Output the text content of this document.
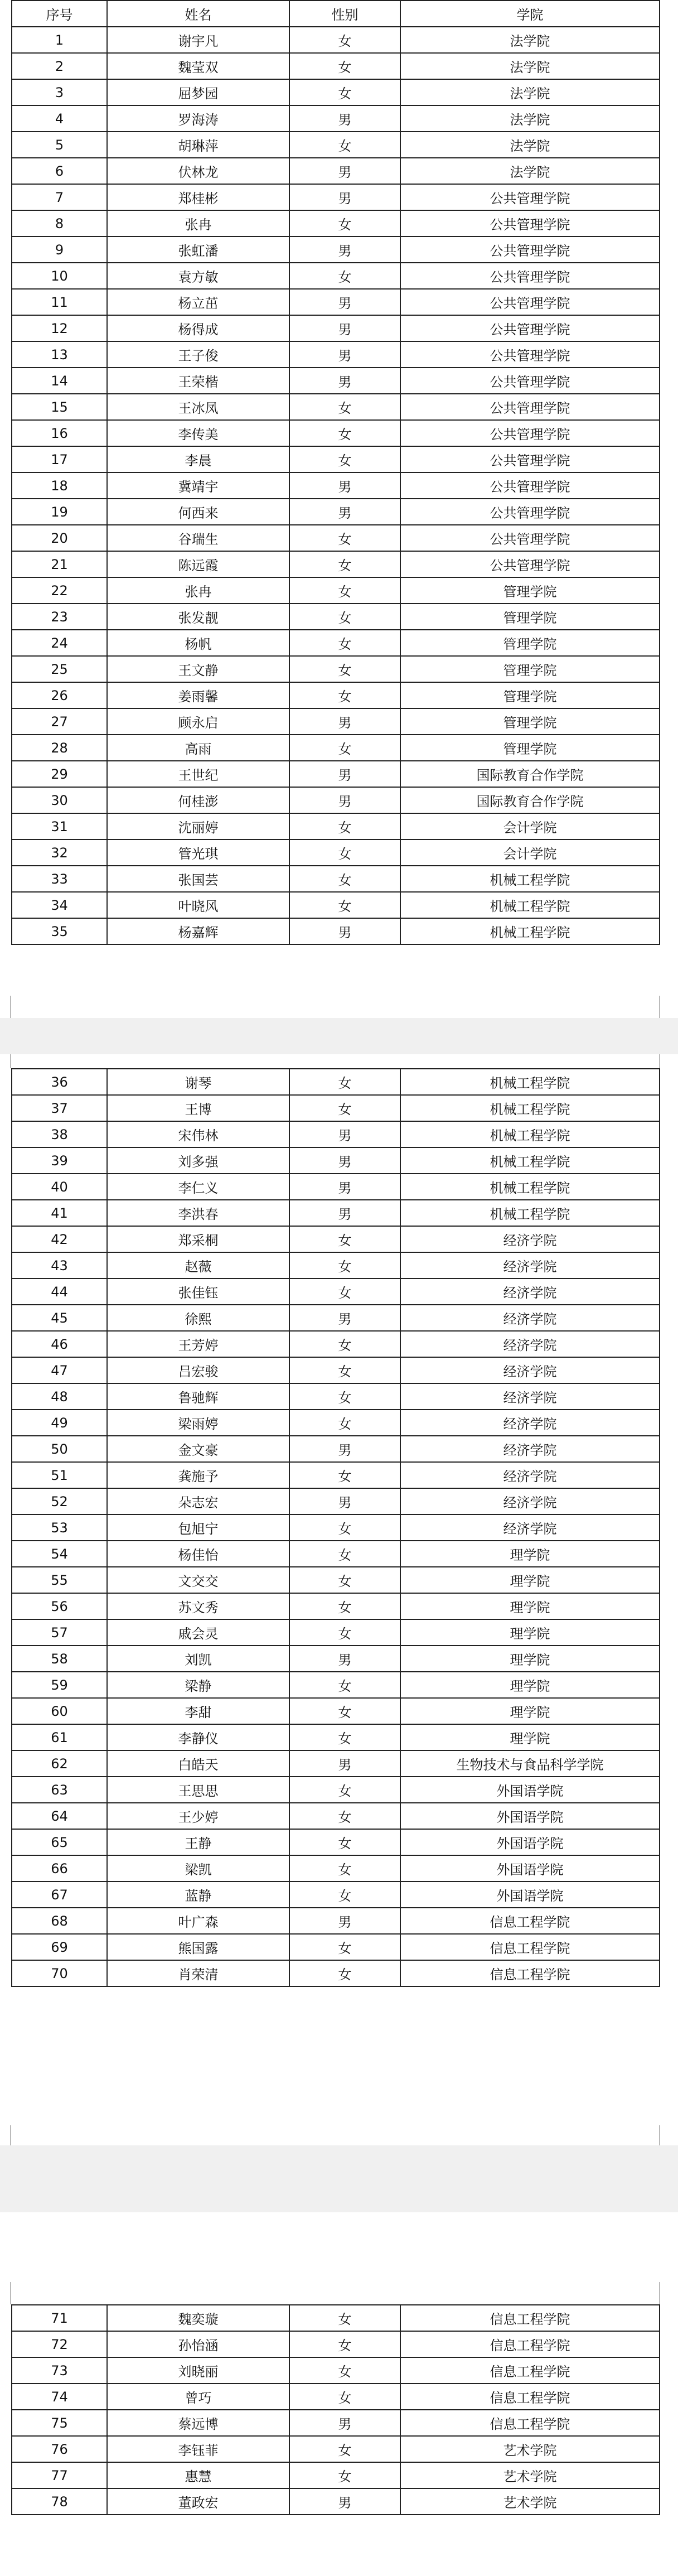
序号	姓名	性别	学院
1	谢宇凡	女	法学院
2	魏莹双	女	法学院
3	屈梦园	女	法学院
4	罗海涛	男	法学院
5	胡琳萍	女	法学院
6	伏林龙	男	法学院
7	郑桂彬	男	公共管理学院
8	张冉	女	公共管理学院
9	张虹潘	男	公共管理学院
10	袁方敏	女	公共管理学院
11	杨立茁	男	公共管理学院
12	杨得成	男	公共管理学院
13	王子俊	男	公共管理学院
14	王荣楷	男	公共管理学院
15	王冰凤	女	公共管理学院
16	李传美	女	公共管理学院
17	李晨	女	公共管理学院
18	冀靖宇	男	公共管理学院
19	何西来	男	公共管理学院
20	谷瑞生	女	公共管理学院
21	陈远霞	女	公共管理学院
22	张冉	女	管理学院
23	张发靓	女	管理学院
24	杨帆	女	管理学院
25	王文静	女	管理学院
26	姜雨馨	女	管理学院
27	顾永启	男	管理学院
28	高雨	女	管理学院
29	王世纪	男	国际教育合作学院
30	何桂澎	男	国际教育合作学院
31	沈丽婷	女	会计学院
32	管光琪	女	会计学院
33	张国芸	女	机械工程学院
34	叶晓风	女	机械工程学院
35	杨嘉辉	男	机械工程学院
36	谢琴	女	机械工程学院
37	王博	女	机械工程学院
38	宋伟林	男	机械工程学院
39	刘多强	男	机械工程学院
40	李仁义	男	机械工程学院
41	李洪春	男	机械工程学院
42	郑采桐	女	经济学院
43	赵薇	女	经济学院
44	张佳钰	女	经济学院
45	徐熙	男	经济学院
46	王芳婷	女	经济学院
47	吕宏骏	女	经济学院
48	鲁驰辉	女	经济学院
49	梁雨婷	女	经济学院
50	金文豪	男	经济学院
51	龚施予	女	经济学院
52	朵志宏	男	经济学院
53	包旭宁	女	经济学院
54	杨佳怡	女	理学院
55	文交交	女	理学院
56	苏文秀	女	理学院
57	戚会灵	女	理学院
58	刘凯	男	理学院
59	梁静	女	理学院
60	李甜	女	理学院
61	李静仪	女	理学院
62	白皓天	男	生物技术与食品科学学院
63	王思思	女	外国语学院
64	王少婷	女	外国语学院
65	王静	女	外国语学院
66	梁凯	女	外国语学院
67	蓝静	女	外国语学院
68	叶广森	男	信息工程学院
69	熊国露	女	信息工程学院
70	肖荣清	女	信息工程学院
71	魏奕璇	女	信息工程学院
72	孙怡涵	女	信息工程学院
73	刘晓丽	女	信息工程学院
74	曾巧	女	信息工程学院
75	蔡远博	男	信息工程学院
76	李钰菲	女	艺术学院
77	惠慧	女	艺术学院
78	董政宏	男	艺术学院
